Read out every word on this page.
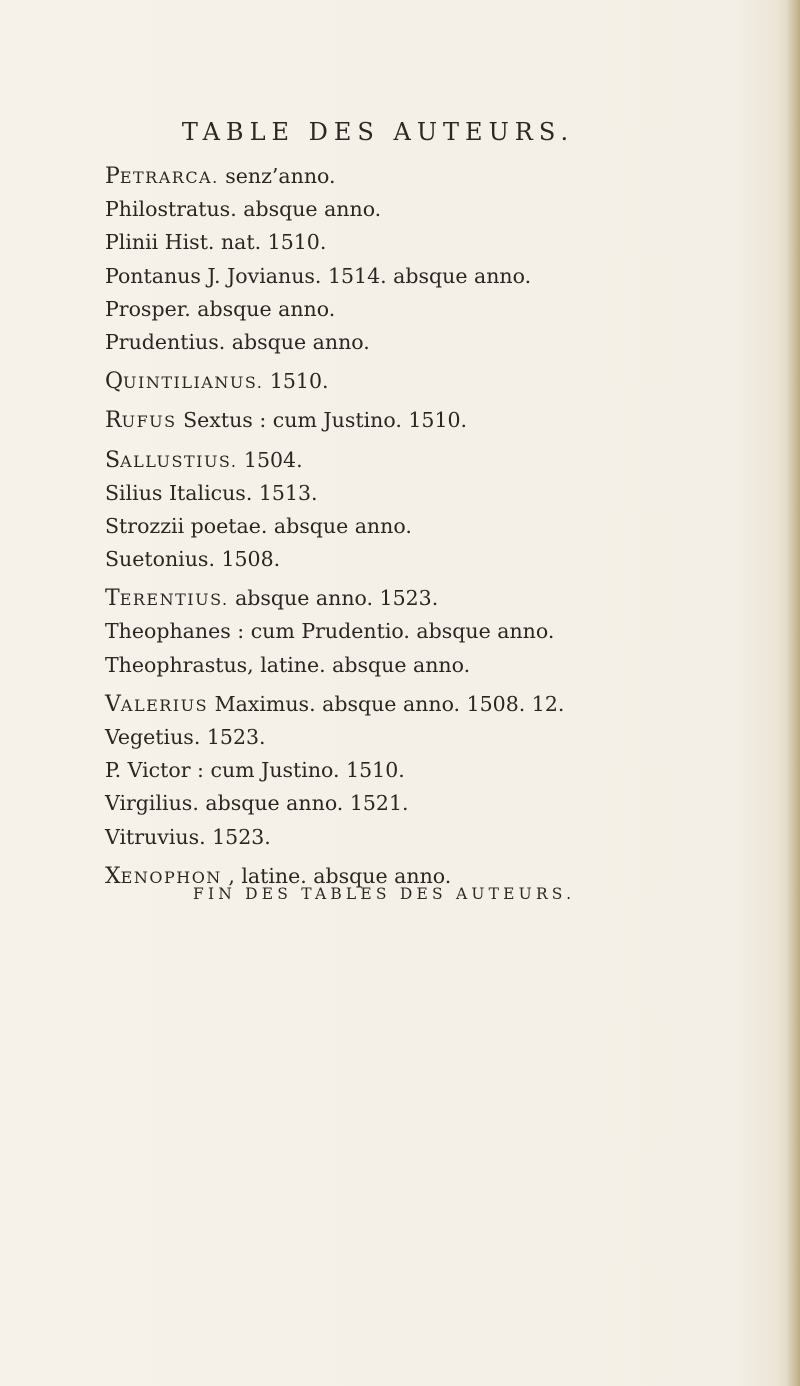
TABLE DES AUTEURS.
PETRARCA. senz’anno.
Philostratus. absque anno.
Plinii Hist. nat. 1510.
Pontanus J. Jovianus. 1514. absque anno.
Prosper. absque anno.
Prudentius. absque anno.
QUINTILIANUS. 1510.
RUFUS Sextus : cum Justino. 1510.
SALLUSTIUS. 1504.
Silius Italicus. 1513.
Strozzii poetae. absque anno.
Suetonius. 1508.
TERENTIUS. absque anno. 1523.
Theophanes : cum Prudentio. absque anno.
Theophrastus, latine. absque anno.
VALERIUS Maximus. absque anno. 1508. 12.
Vegetius. 1523.
P. Victor : cum Justino. 1510.
Virgilius. absque anno. 1521.
Vitruvius. 1523.
XENOPHON , latine. absque anno.
FIN DES TABLES DES AUTEURS.
